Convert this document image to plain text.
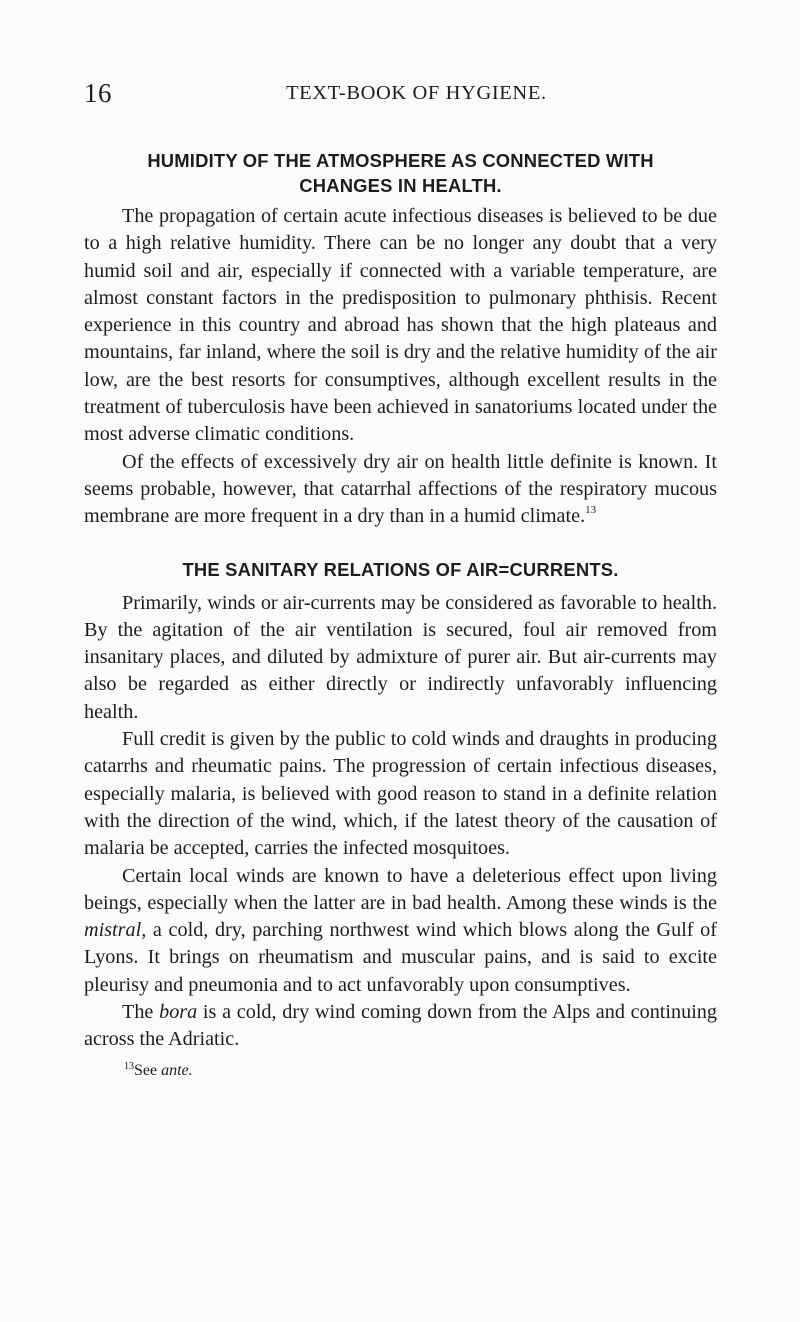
16	TEXT-BOOK OF HYGIENE.
HUMIDITY OF THE ATMOSPHERE AS CONNECTED WITH CHANGES IN HEALTH.

The propagation of certain acute infectious diseases is believed to be due to a high relative humidity. There can be no longer any doubt that a very humid soil and air, especially if connected with a variable temperature, are almost constant factors in the predisposition to pulmonary phthisis. Recent experience in this country and abroad has shown that the high plateaus and mountains, far inland, where the soil is dry and the relative humidity of the air low, are the best resorts for consumptives, although excellent results in the treatment of tuberculosis have been achieved in sanatoriums located under the most adverse climatic conditions.

Of the effects of excessively dry air on health little definite is known. It seems probable, however, that catarrhal affections of the respiratory mucous membrane are more frequent in a dry than in a humid climate.$^{13}$

THE SANITARY RELATIONS OF AIR=CURRENTS.

Primarily, winds or air-currents may be considered as favorable to health. By the agitation of the air ventilation is secured, foul air removed from insanitary places, and diluted by admixture of purer air. But air-currents may also be regarded as either directly or indirectly unfavorably influencing health.

Full credit is given by the public to cold winds and draughts in producing catarrhs and rheumatic pains. The progression of certain infectious diseases, especially malaria, is believed with good reason to stand in a definite relation with the direction of the wind, which, if the latest theory of the causation of malaria be accepted, carries the infected mosquitoes.

Certain local winds are known to have a deleterious effect upon living beings, especially when the latter are in bad health. Among these winds is the mistral, a cold, dry, parching northwest wind which blows along the Gulf of Lyons. It brings on rheumatism and muscular pains, and is said to excite pleurisy and pneumonia and to act unfavorably upon consumptives.

The bora is a cold, dry wind coming down from the Alps and continuing across the Adriatic.

$^{13}$See ante.
